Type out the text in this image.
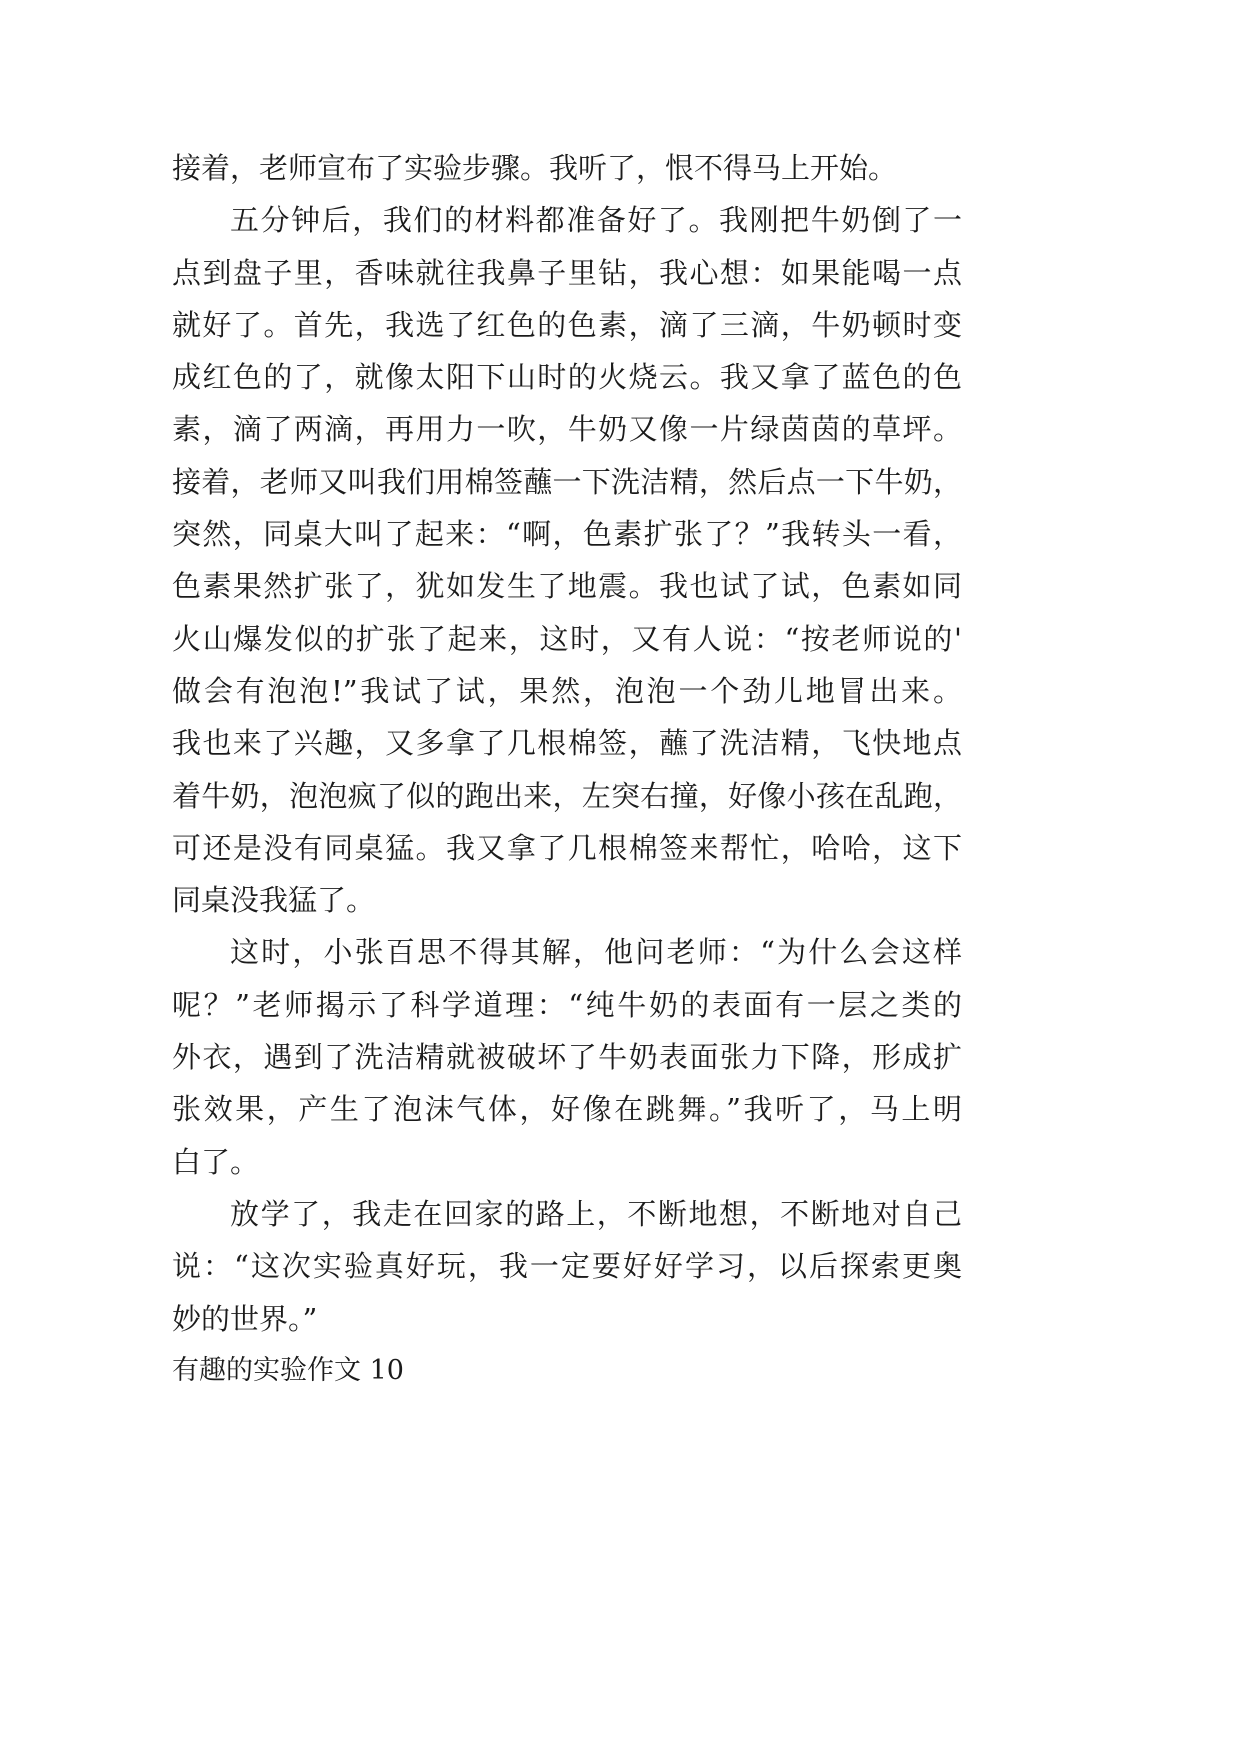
接着，老师宣布了实验步骤。我听了，恨不得马上开始。
五分钟后，我们的材料都准备好了。我刚把牛奶倒了一
点到盘子里，香味就往我鼻子里钻，我心想：如果能喝一点
就好了。首先，我选了红色的色素，滴了三滴，牛奶顿时变
成红色的了，就像太阳下山时的火烧云。我又拿了蓝色的色
素，滴了两滴，再用力一吹，牛奶又像一片绿茵茵的草坪。
接着，老师又叫我们用棉签蘸一下洗洁精，然后点一下牛奶，
突然，同桌大叫了起来：“啊，色素扩张了？”我转头一看，
色素果然扩张了，犹如发生了地震。我也试了试，色素如同
火山爆发似的扩张了起来，这时，又有人说：“按老师说的'
做会有泡泡!”我试了试，果然，泡泡一个劲儿地冒出来。
我也来了兴趣，又多拿了几根棉签，蘸了洗洁精，飞快地点
着牛奶，泡泡疯了似的跑出来，左突右撞，好像小孩在乱跑，
可还是没有同桌猛。我又拿了几根棉签来帮忙，哈哈，这下
同桌没我猛了。
这时，小张百思不得其解，他问老师：“为什么会这样
呢？”老师揭示了科学道理：“纯牛奶的表面有一层之类的
外衣，遇到了洗洁精就被破坏了牛奶表面张力下降，形成扩
张效果，产生了泡沫气体，好像在跳舞。”我听了，马上明
白了。
放学了，我走在回家的路上，不断地想，不断地对自己
说：“这次实验真好玩，我一定要好好学习，以后探索更奥
妙的世界。”
有趣的实验作文 10
